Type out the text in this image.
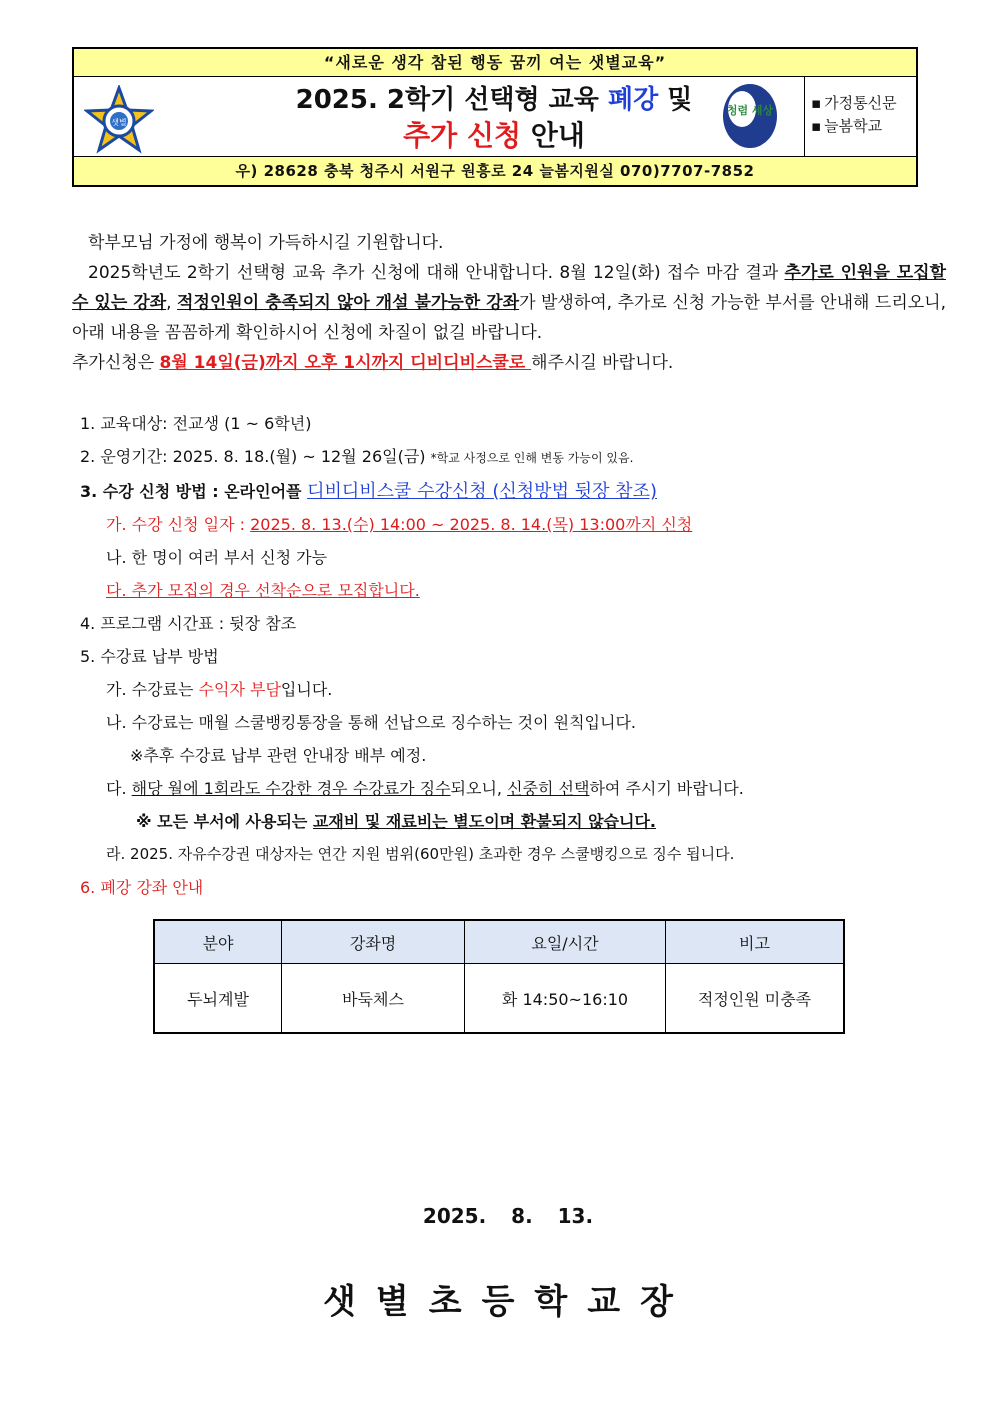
“새로운 생각 참된 행동 꿈끼 여는 샛별교육”
샛별
2025. 2학기 선택형 교육 폐강 및
추가 신청 안내
청렴 세상	▪ 가정통신문
▪ 늘봄학교
우) 28628 충북 청주시 서원구 원흥로 24 늘봄지원실 070)7707-7852

학부모님 가정에 행복이 가득하시길 기원합니다.

2025학년도 2학기 선택형 교육 추가 신청에 대해 안내합니다. 8월 12일(화) 접수 마감 결과 추가로 인원을 모집할 수 있는 강좌, 적정인원이 충족되지 않아 개설 불가능한 강좌가 발생하여, 추가로 신청 가능한 부서를 안내해 드리오니, 아래 내용을 꼼꼼하게 확인하시어 신청에 차질이 없길 바랍니다.

추가신청은 8월 14일(금)까지 오후 1시까지 디비디비스쿨로 해주시길 바랍니다.

1. 교육대상: 전교생 (1 ~ 6학년)
2. 운영기간: 2025. 8. 18.(월) ~ 12월 26일(금) *학교 사정으로 인해 변동 가능이 있음.
3. 수강 신청 방법 : 온라인어플 디비디비스쿨 수강신청 (신청방법 뒷장 참조)
가. 수강 신청 일자 : 2025. 8. 13.(수) 14:00 ~ 2025. 8. 14.(목) 13:00까지 신청
나. 한 명이 여러 부서 신청 가능
다. 추가 모집의 경우 선착순으로 모집합니다.
4. 프로그램 시간표 : 뒷장 참조
5. 수강료 납부 방법
가. 수강료는 수익자 부담입니다.
나. 수강료는 매월 스쿨뱅킹통장을 통해 선납으로 징수하는 것이 원칙입니다.
※추후 수강료 납부 관련 안내장 배부 예정.
다. 해당 월에 1회라도 수강한 경우 수강료가 징수되오니, 신중히 선택하여 주시기 바랍니다.
※ 모든 부서에 사용되는 교재비 및 재료비는 별도이며 환불되지 않습니다.
라. 2025. 자유수강권 대상자는 연간 지원 범위(60만원) 초과한 경우 스쿨뱅킹으로 징수 됩니다.
6. 폐강 강좌 안내
분야	강좌명	요일/시간	비고
두뇌계발	바둑체스	화 14:50~16:10	적정인원 미충족
2025. 8. 13.
샛별초등학교장
